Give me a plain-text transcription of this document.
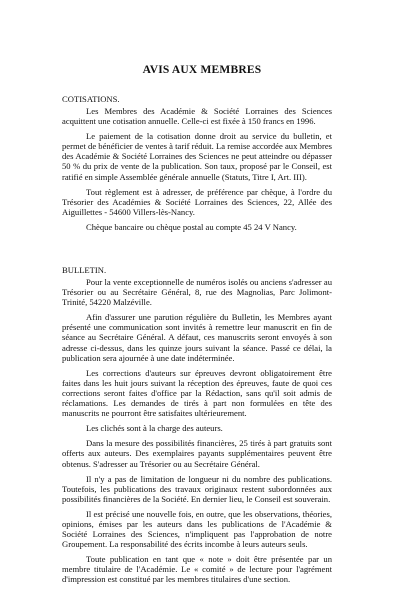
AVIS AUX MEMBRES
COTISATIONS.

Les Membres des Académie & Société Lorraines des Sciences acquittent une cotisation annuelle. Celle-ci est fixée à 150 francs en 1996.

Le paiement de la cotisation donne droit au service du bulletin, et permet de bénéficier de ventes à tarif réduit. La remise accordée aux Membres des Académie & Société Lorraines des Sciences ne peut atteindre ou dépasser 50 % du prix de vente de la publication. Son taux, proposé par le Conseil, est ratifié en simple Assemblée générale annuelle (Statuts, Titre I, Art. III).

Tout règlement est à adresser, de préférence par chèque, à l'ordre du Trésorier des Académies & Société Lorraines des Sciences, 22, Allée des Aiguillettes - 54600 Villers-lès-Nancy.

Chèque bancaire ou chèque postal au compte 45 24 V Nancy.

BULLETIN.

Pour la vente exceptionnelle de numéros isolés ou anciens s'adresser au Trésorier ou au Secrétaire Général, 8, rue des Magnolias, Parc Jolimont-Trinité, 54220 Malzéville.

Afin d'assurer une parution régulière du Bulletin, les Membres ayant présenté une communication sont invités à remettre leur manuscrit en fin de séance au Secrétaire Général. A défaut, ces manuscrits seront envoyés à son adresse ci-dessus, dans les quinze jours suivant la séance. Passé ce délai, la publication sera ajournée à une date indéterminée.

Les corrections d'auteurs sur épreuves devront obligatoirement être faites dans les huit jours suivant la réception des épreuves, faute de quoi ces corrections seront faites d'office par la Rédaction, sans qu'il soit admis de réclamations. Les demandes de tirés à part non formulées en tête des manuscrits ne pourront être satisfaites ultérieurement.

Les clichés sont à la charge des auteurs.

Dans la mesure des possibilités financières, 25 tirés à part gratuits sont offerts aux auteurs. Des exemplaires payants supplémentaires peuvent être obtenus. S'adresser au Trésorier ou au Secrétaire Général.

Il n'y a pas de limitation de longueur ni du nombre des publications. Toutefois, les publications des travaux originaux restent subordonnées aux possibilités financières de la Société. En dernier lieu, le Conseil est souverain.

Il est précisé une nouvelle fois, en outre, que les observations, théories, opinions, émises par les auteurs dans les publications de l'Académie & Société Lorraines des Sciences, n'impliquent pas l'approbation de notre Groupement. La responsabilité des écrits incombe à leurs auteurs seuls.

Toute publication en tant que « note » doit être présentée par un membre titulaire de l'Académie. Le « comité » de lecture pour l'agrément d'impression est constitué par les membres titulaires d'une section.
